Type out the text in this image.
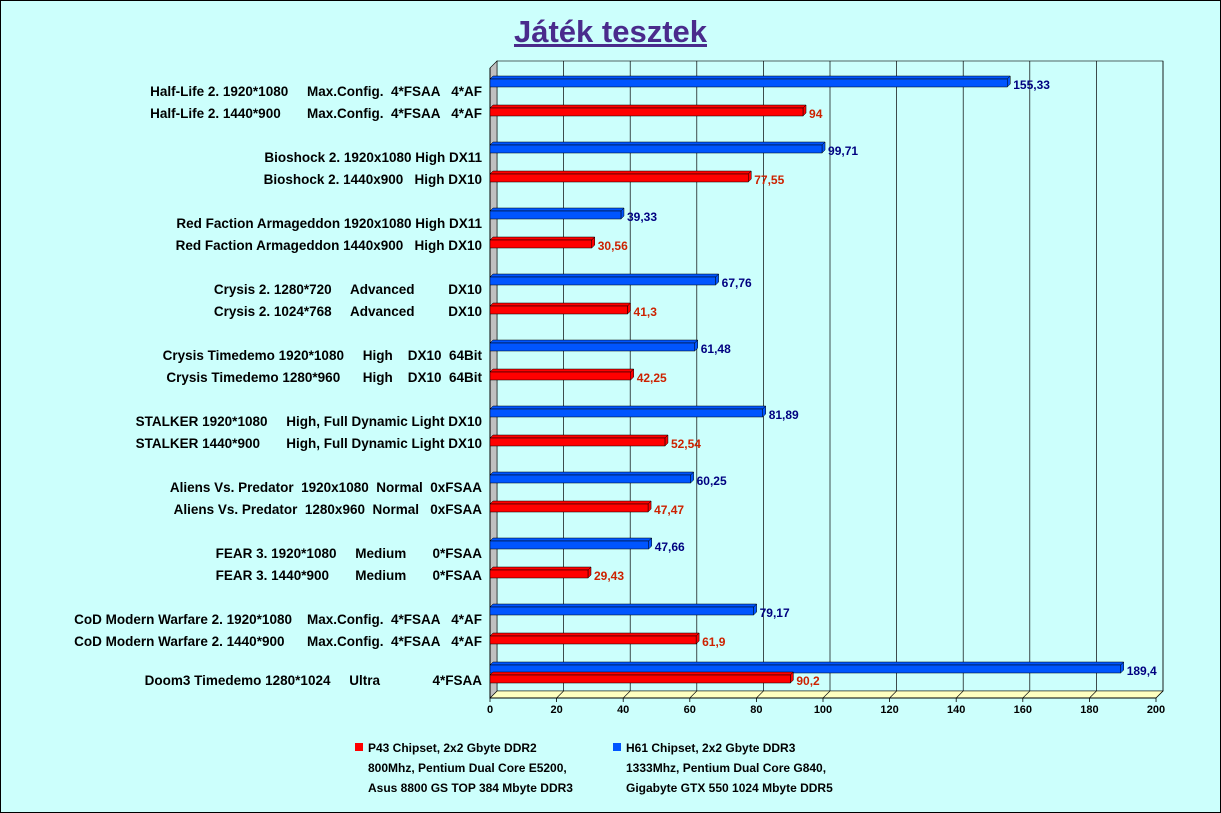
Játék tesztek
0	20	40	60	80	100	120	140	160	180	200
155,33
94
Half-Life 2. 1920*1080     Max.Config.  4*FSAA   4*AF
Half-Life 2. 1440*900       Max.Config.  4*FSAA   4*AF
99,71
77,55
Bioshock 2. 1920x1080 High DX11
Bioshock 2. 1440x900   High DX10
39,33
30,56
Red Faction Armageddon 1920x1080 High DX11
Red Faction Armageddon 1440x900   High DX10
67,76
41,3
Crysis 2. 1280*720     Advanced         DX10
Crysis 2. 1024*768     Advanced         DX10
61,48
42,25
Crysis Timedemo 1920*1080     High    DX10  64Bit
Crysis Timedemo 1280*960      High    DX10  64Bit
81,89
52,54
STALKER 1920*1080     High, Full Dynamic Light DX10
STALKER 1440*900       High, Full Dynamic Light DX10
60,25
47,47
Aliens Vs. Predator  1920x1080  Normal  0xFSAA
Aliens Vs. Predator  1280x960  Normal   0xFSAA
47,66
29,43
FEAR 3. 1920*1080     Medium       0*FSAA
FEAR 3. 1440*900       Medium       0*FSAA
79,17
61,9
CoD Modern Warfare 2. 1920*1080    Max.Config.  4*FSAA   4*AF
CoD Modern Warfare 2. 1440*900      Max.Config.  4*FSAA   4*AF
189,4
90,2
Doom3 Timedemo 1280*1024     Ultra              4*FSAA
P43 Chipset, 2x2 Gbyte DDR2
800Mhz, Pentium Dual Core E5200,
Asus 8800 GS TOP 384 Mbyte DDR3
H61 Chipset, 2x2 Gbyte DDR3
1333Mhz, Pentium Dual Core G840,
Gigabyte GTX 550 1024 Mbyte DDR5
